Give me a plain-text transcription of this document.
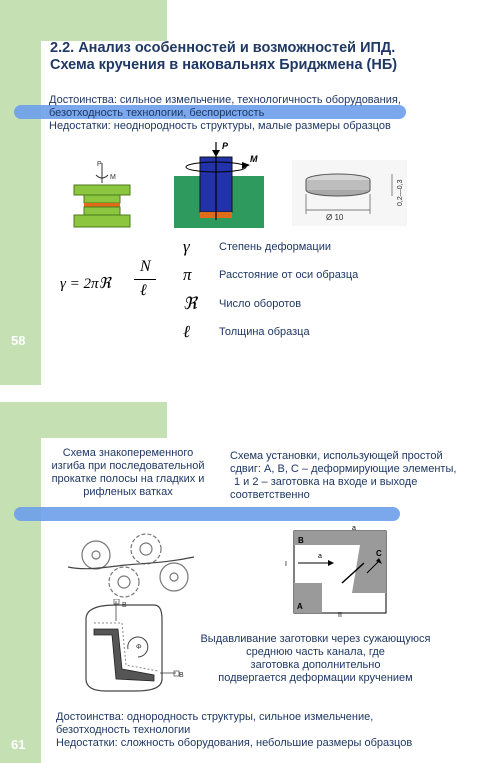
58
2.2. Анализ особенностей и возможностей ИПД.
Схема кручения в наковальнях Бриджмена (НБ)
Достоинства: сильное измельчение, технологичность оборудования,
безотходность технологии, беспористость
Недостатки: неоднородность структуры, малые размеры образцов
P
M
P
M
Ø 10
0,2—0,3
γ = 2πℜ
N
ℓ
γ	Степень деформации
π	Расстояние от оси образца
ℜ	Число оборотов
ℓ	Толщина образца
61
Схема знакопеременного
изгиба при последовательной
прокатке полосы на гладких и
рифленых ватках
Схема установки, использующей простой
сдвиг: A, B, C – деформирующие элементы,
1 и 2 – заготовка на входе и выходе
соответственно
a
a
B
C
A
I
II
B
Φ
B
Выдавливание заготовки через сужающуюся
среднюю часть канала, где
заготовка дополнительно
подвергается деформации кручением
Достоинства: однородность структуры, сильное измельчение,
безотходность технологии
Недостатки: сложность оборудования, небольшие размеры образцов
